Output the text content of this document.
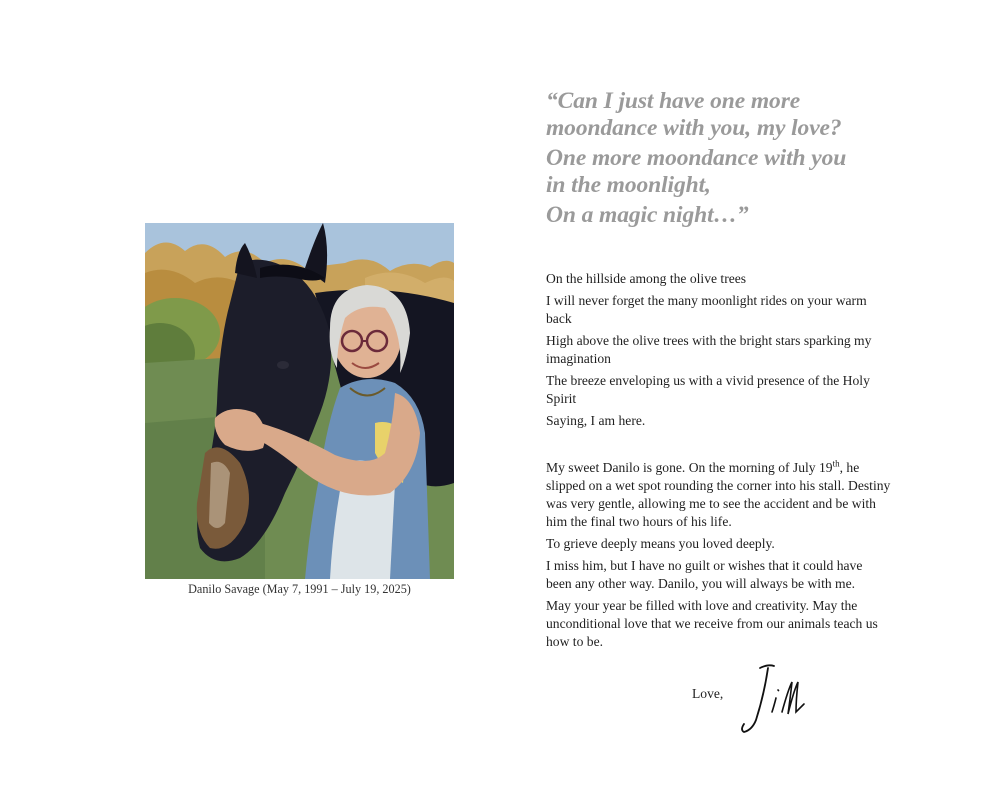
Danilo Savage (May 7, 1991 – July 19, 2025)
“Can I just have one more
moondance with you, my love?
One more moondance with you
in the moonlight,
On a magic night…”

On the hillside among the olive trees

I will never forget the many moonlight rides on your warm back

High above the olive trees with the bright stars sparking my imagination

The breeze enveloping us with a vivid presence of the Holy Spirit

Saying, I am here.

My sweet Danilo is gone. On the morning of July 19th, he slipped on a wet spot rounding the corner into his stall. Destiny was very gentle, allowing me to see the accident and be with him the final two hours of his life.

To grieve deeply means you loved deeply.

I miss him, but I have no guilt or wishes that it could have been any other way. Danilo, you will always be with me.

May your year be filled with love and creativity. May the unconditional love that we receive from our animals teach us how to be.

Love,
